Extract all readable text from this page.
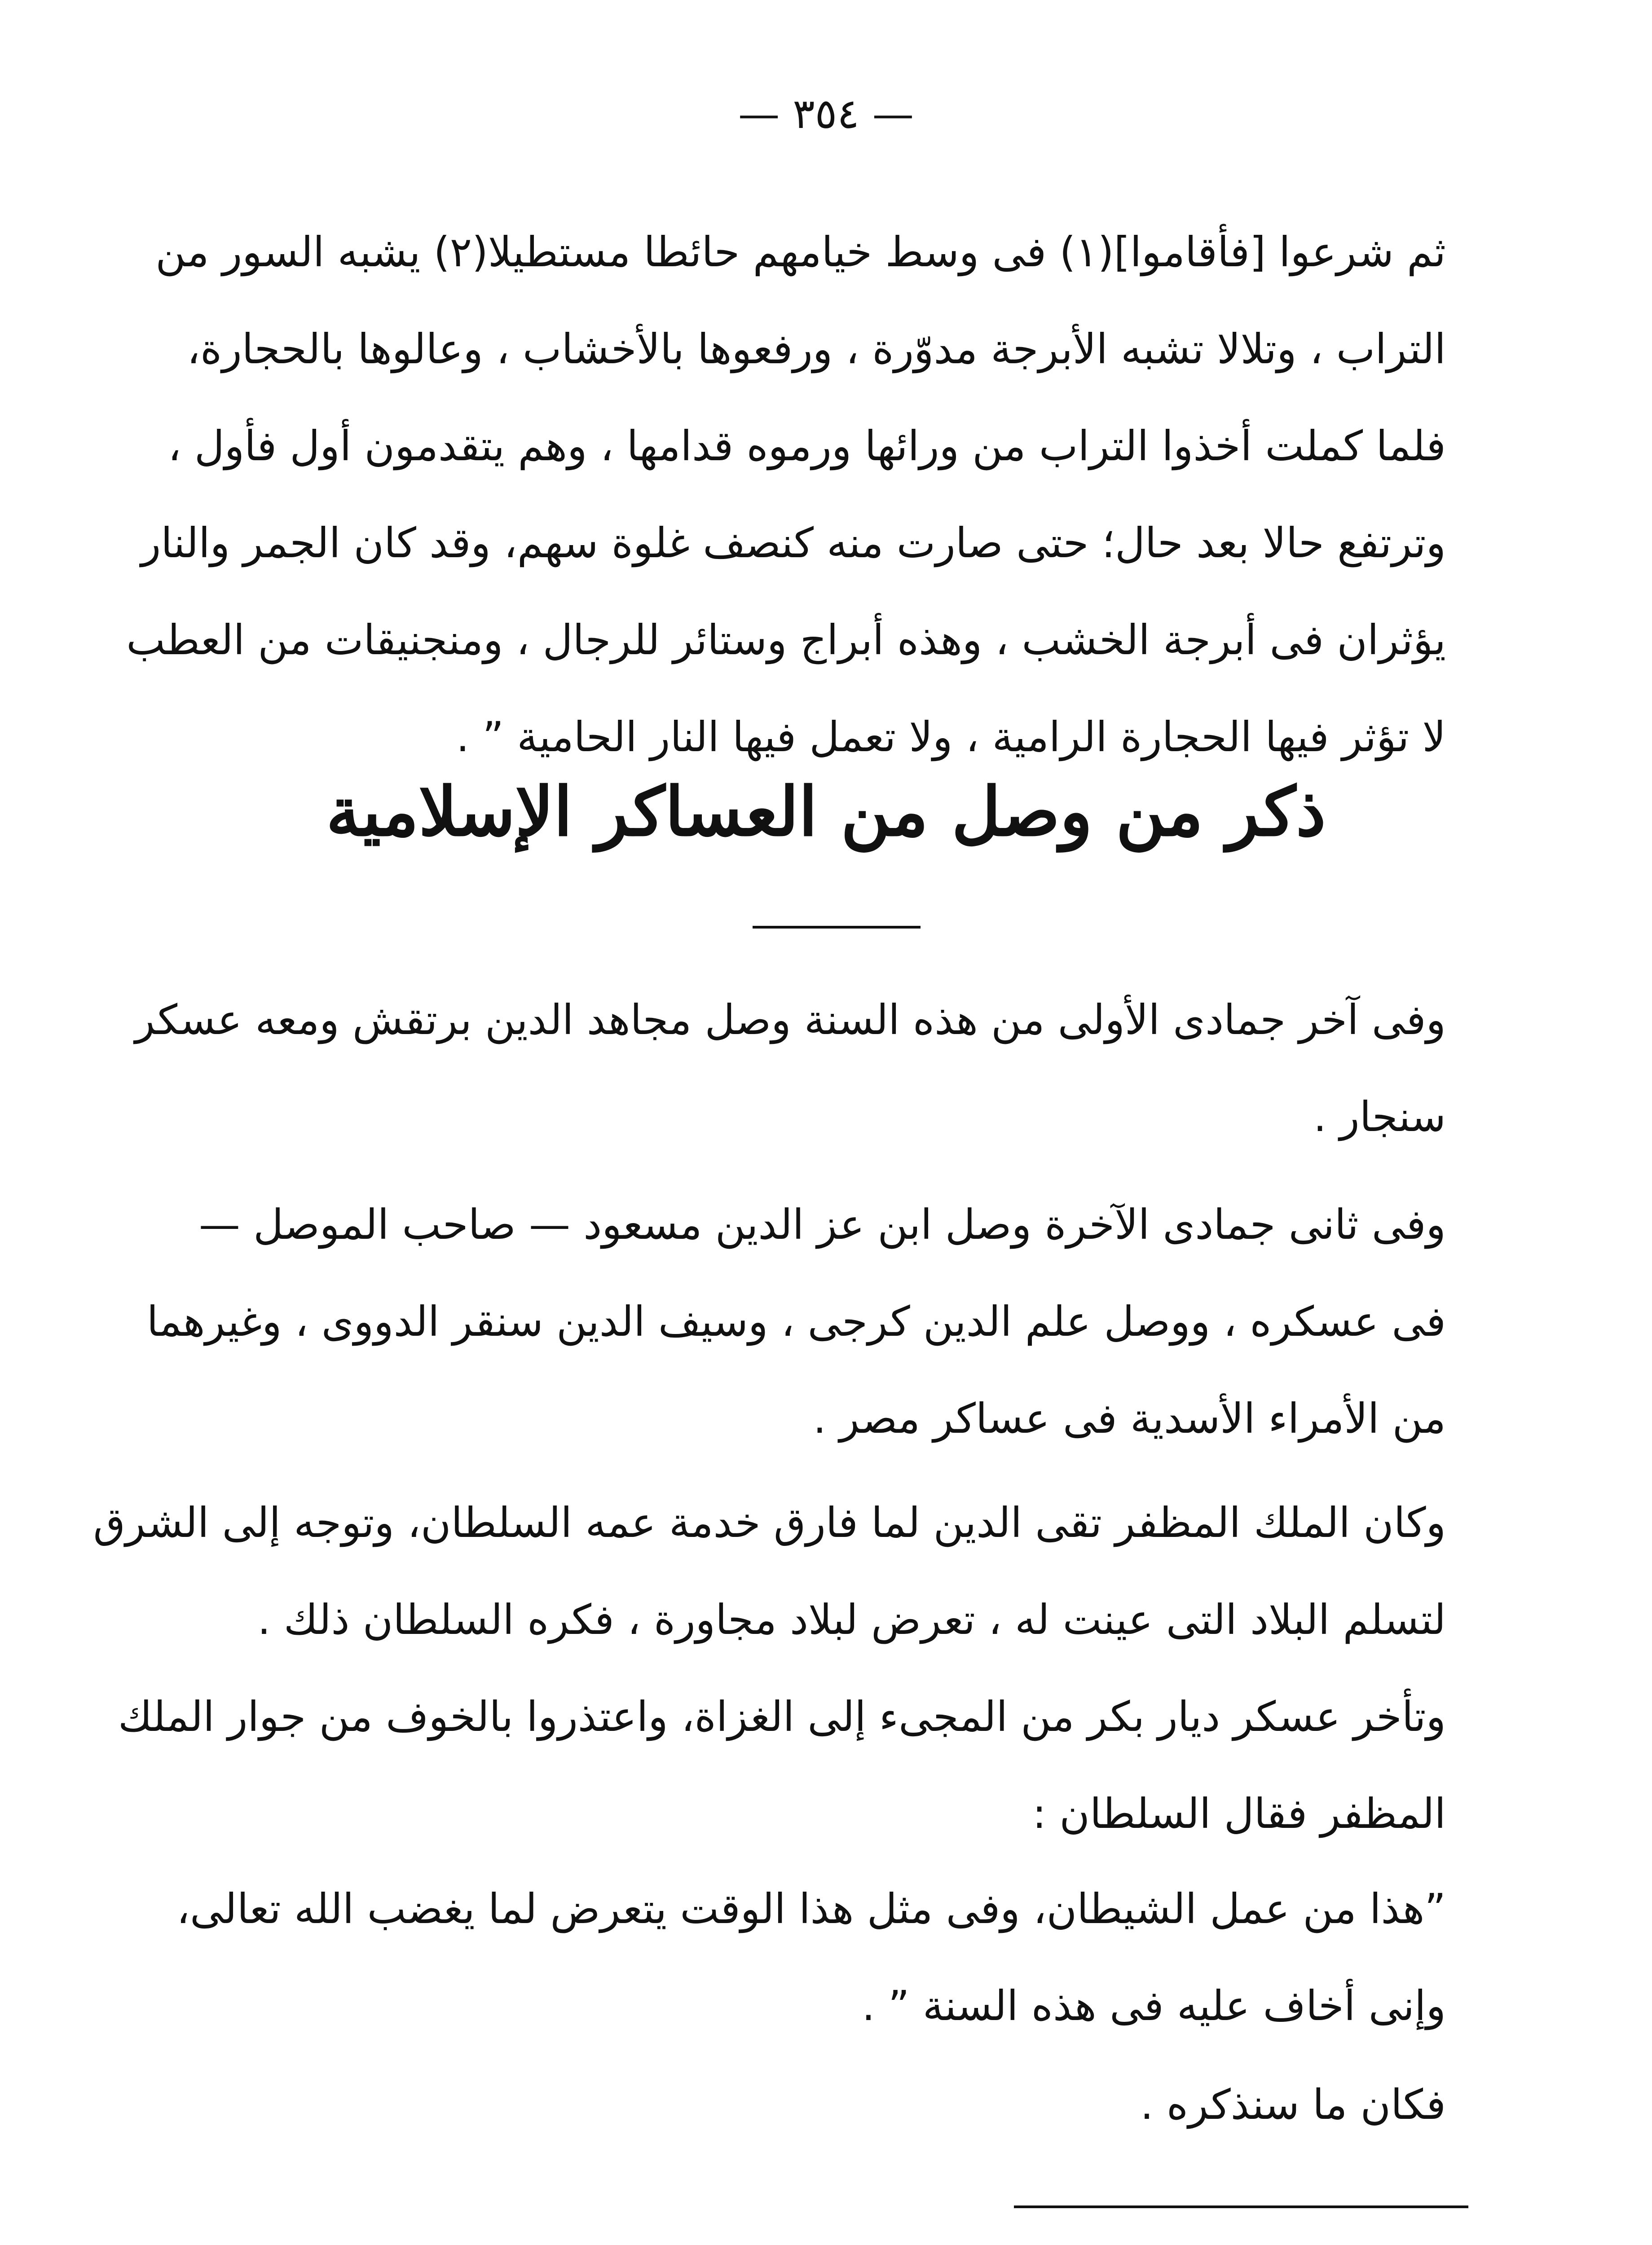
— ٣٥٤ —
ثم شرعوا [فأقاموا](١) فى وسط خيامهم حائطا مستطيلا(٢) يشبه السور من
التراب ، وتلالا تشبه الأبرجة مدوّرة ، ورفعوها بالأخشاب ، وعالوها بالحجارة،
فلما كملت أخذوا التراب من ورائها ورموه قدامها ، وهم يتقدمون أول فأول ،
وترتفع حالا بعد حال؛ حتى صارت منه كنصف غلوة سهم، وقد كان الجمر والنار
يؤثران فى أبرجة الخشب ، وهذه أبراج وستائر للرجال ، ومنجنيقات من العطب
لا تؤثر فيها الحجارة الرامية ، ولا تعمل فيها النار الحامية ” .
ذكر من وصل من العساكر الإسلامية
وفى آخر جمادى الأولى من هذه السنة وصل مجاهد الدين برتقش ومعه عسكر
سنجار .
وفى ثانى جمادى الآخرة وصل ابن عز الدين مسعود — صاحب الموصل —
فى عسكره ، ووصل علم الدين كرجى ، وسيف الدين سنقر الدووى ، وغيرهما
من الأمراء الأسدية فى عساكر مصر .
وكان الملك المظفر تقى الدين لما فارق خدمة عمه السلطان، وتوجه إلى الشرق
لتسلم البلاد التى عينت له ، تعرض لبلاد مجاورة ، فكره السلطان ذلك .
وتأخر عسكر ديار بكر من المجىء إلى الغزاة، واعتذروا بالخوف من جوار الملك
المظفر فقال السلطان :
”هذا من عمل الشيطان، وفى مثل هذا الوقت يتعرض لما يغضب الله تعالى،
وإنى أخاف عليه فى هذه السنة ” .
فكان ما سنذكره .
